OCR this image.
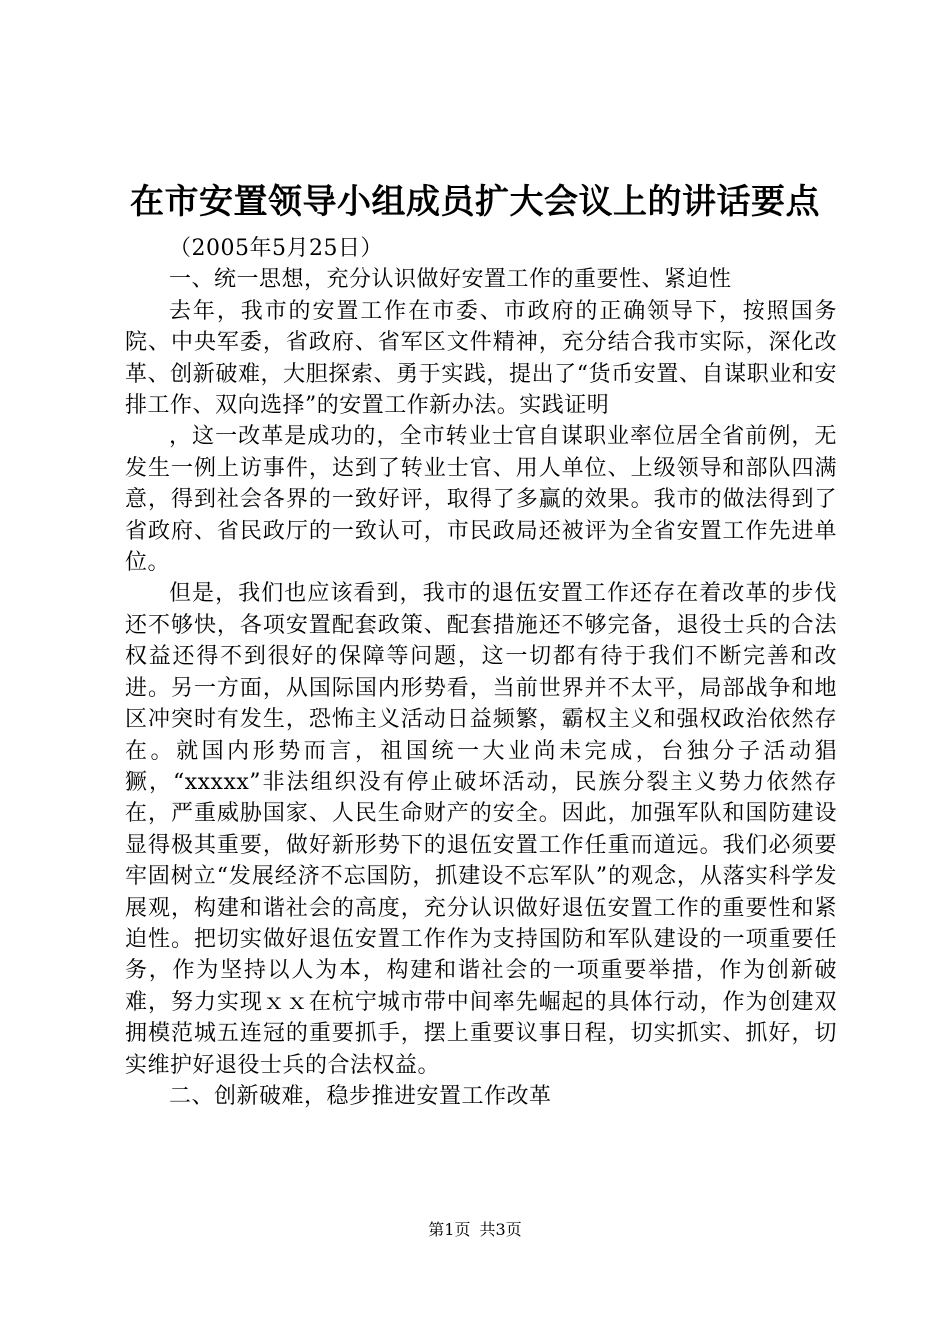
在市安置领导小组成员扩大会议上的讲话要点

（2005年5月25日）

一、统一思想，充分认识做好安置工作的重要性、紧迫性

去年，我市的安置工作在市委、市政府的正确领导下，按照国务院、中央军委，省政府、省军区文件精神，充分结合我市实际，深化改革、创新破难，大胆探索、勇于实践，提出了“货币安置、自谋职业和安排工作、双向选择”的安置工作新办法。实践证明

，这一改革是成功的，全市转业士官自谋职业率位居全省前例，无发生一例上访事件，达到了转业士官、用人单位、上级领导和部队四满意，得到社会各界的一致好评，取得了多赢的效果。我市的做法得到了省政府、省民政厅的一致认可，市民政局还被评为全省安置工作先进单位。

但是，我们也应该看到，我市的退伍安置工作还存在着改革的步伐还不够快，各项安置配套政策、配套措施还不够完备，退役士兵的合法权益还得不到很好的保障等问题，这一切都有待于我们不断完善和改进。另一方面，从国际国内形势看，当前世界并不太平，局部战争和地区冲突时有发生，恐怖主义活动日益频繁，霸权主义和强权政治依然存在。就国内形势而言，祖国统一大业尚未完成，台独分子活动猖獗，“xxxxx”非法组织没有停止破坏活动，民族分裂主义势力依然存在，严重威胁国家、人民生命财产的安全。因此，加强军队和国防建设显得极其重要，做好新形势下的退伍安置工作任重而道远。我们必须要牢固树立“发展经济不忘国防，抓建设不忘军队”的观念，从落实科学发展观，构建和谐社会的高度，充分认识做好退伍安置工作的重要性和紧迫性。把切实做好退伍安置工作作为支持国防和军队建设的一项重要任务，作为坚持以人为本，构建和谐社会的一项重要举措，作为创新破难，努力实现ｘｘ在杭宁城市带中间率先崛起的具体行动，作为创建双拥模范城五连冠的重要抓手，摆上重要议事日程，切实抓实、抓好，切实维护好退役士兵的合法权益。

二、创新破难，稳步推进安置工作改革

第1页 共3页
